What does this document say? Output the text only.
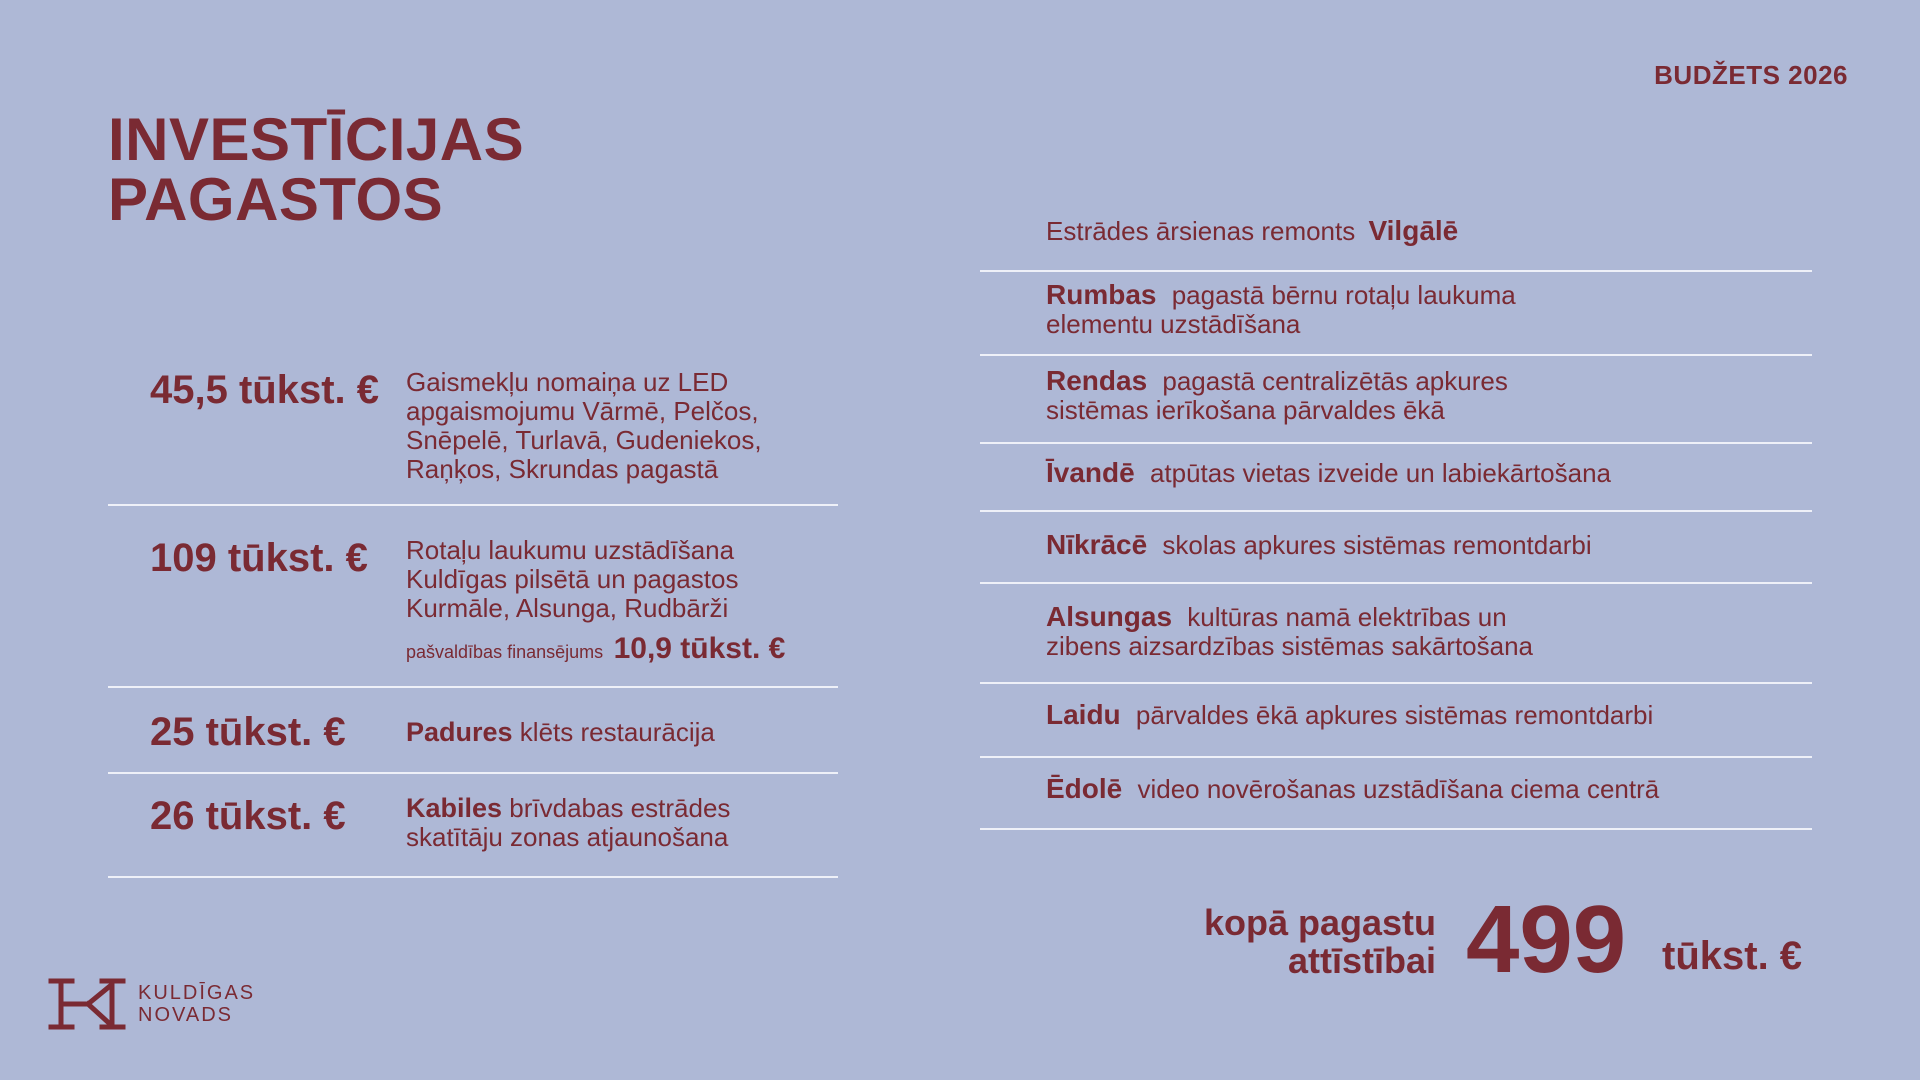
BUDŽETS 2026
INVESTĪCIJAS
PAGASTOS
45,5 tūkst. € Gaismekļu nomaiņa uz LED
apgaismojumu Vārmē, Pelčos,
Snēpelē, Turlavā, Gudeniekos,
Raņķos, Skrundas pagastā
109 tūkst. € Rotaļu laukumu uzstādīšana
Kuldīgas pilsētā un pagastos
Kurmāle, Alsunga, Rudbārži
pašvaldības finansējums 10,9 tūkst. €
25 tūkst. € Padures klēts restaurācija
26 tūkst. € Kabiles brīvdabas estrādes
skatītāju zonas atjaunošana
Estrādes ārsienas remonts Vilgālē
Rumbas pagastā bērnu rotaļu laukuma
elementu uzstādīšana
Rendas pagastā centralizētās apkures
sistēmas ierīkošana pārvaldes ēkā
Īvandē atpūtas vietas izveide un labiekārtošana
Nīkrācē skolas apkures sistēmas remontdarbi
Alsungas kultūras namā elektrības un
zibens aizsardzības sistēmas sakārtošana
Laidu pārvaldes ēkā apkures sistēmas remontdarbi
Ēdolē video novērošanas uzstādīšana ciema centrā
kopā pagastu
attīstībai 499 tūkst. €
KULDĪGAS
NOVADS
